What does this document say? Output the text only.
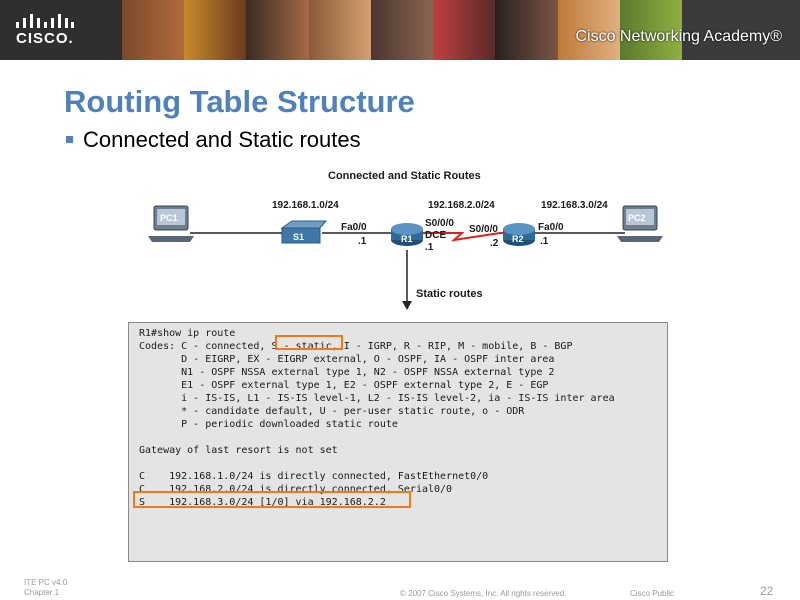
CISCO.	Cisco Networking Academy®
Routing Table Structure
Connected and Static routes
Connected and Static Routes
192.168.1.0/24	192.168.2.0/24	192.168.3.0/24
PC1
S1
Fa0/0
.1	R1
S0/0/0
DCE
.1
S0/0/0
.2 R2
Fa0/0
.1
PC2
Static routes
R1#show ip route
Codes: C - connected, S - static, I - IGRP, R - RIP, M - mobile, B - BGP
D - EIGRP, EX - EIGRP external, O - OSPF, IA - OSPF inter area
N1 - OSPF NSSA external type 1, N2 - OSPF NSSA external type 2
E1 - OSPF external type 1, E2 - OSPF external type 2, E - EGP
i - IS-IS, L1 - IS-IS level-1, L2 - IS-IS level-2, ia - IS-IS inter area
* - candidate default, U - per-user static route, o - ODR
P - periodic downloaded static route
Gateway of last resort is not set
C    192.168.1.0/24 is directly connected, FastEthernet0/0
C    192.168.2.0/24 is directly connected, Serial0/0
S    192.168.3.0/24 [1/0] via 192.168.2.2
ITE PC v4.0
Chapter 1	© 2007 Cisco Systems, Inc. All rights reserved.	Cisco Public	22
